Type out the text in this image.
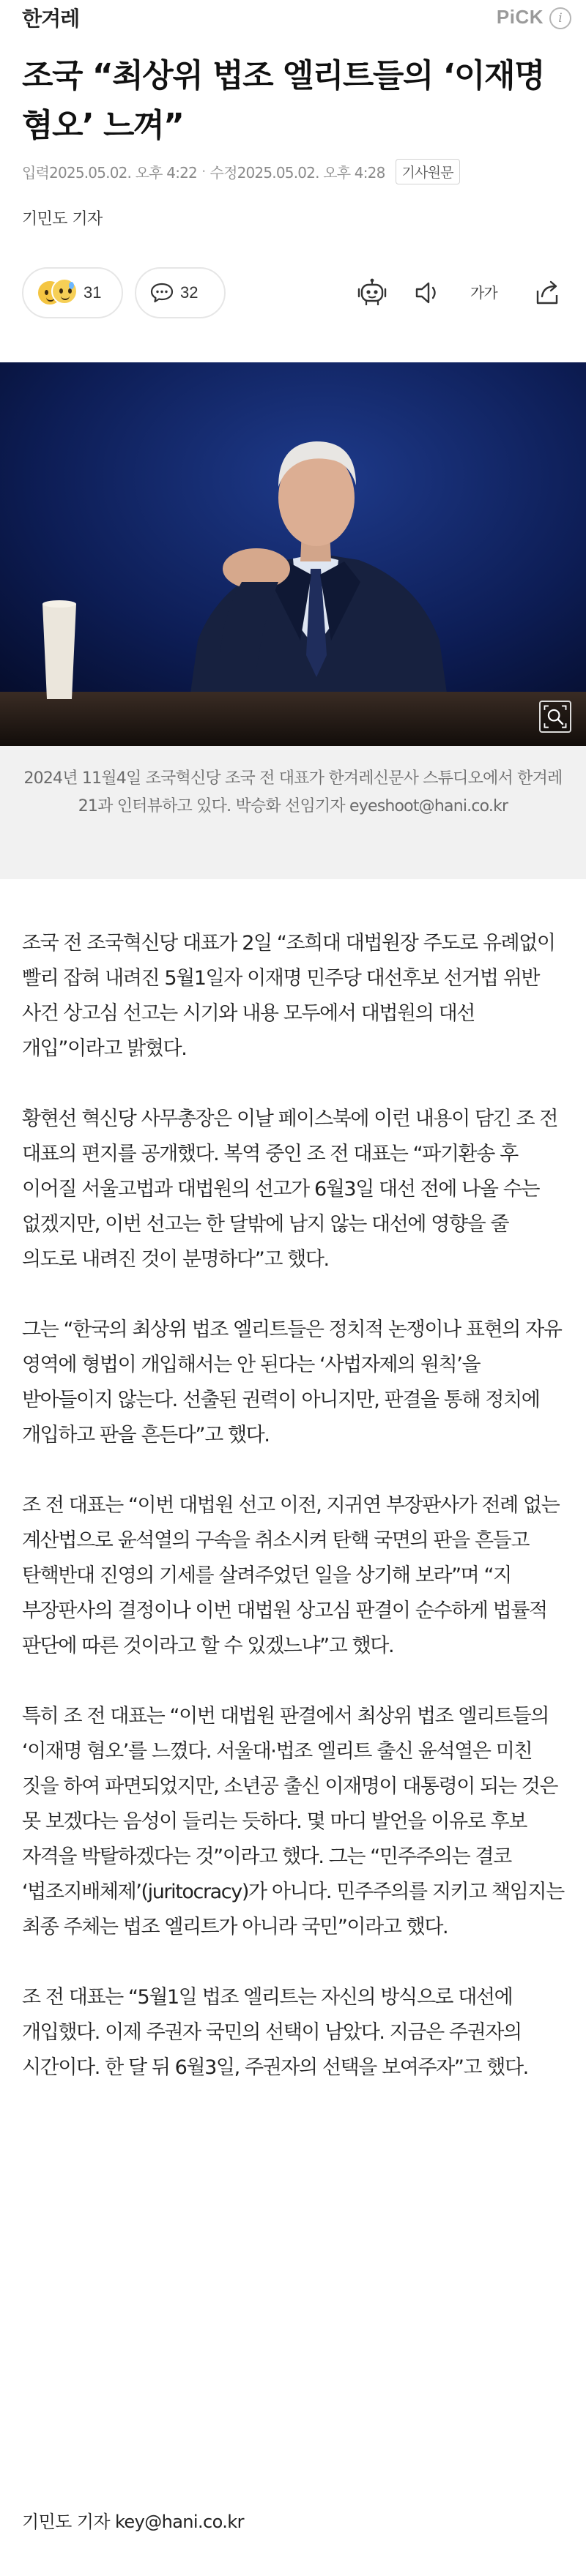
한겨레	PiCK	i
조국 “최상위 법조 엘리트들의 ‘이재명 혐오’ 느껴”
입력2025.05.02. 오후 4:22 · 수정2025.05.02. 오후 4:28	기사원문
기민도 기자
31	32	가가
2024년 11월4일 조국혁신당 조국 전 대표가 한겨레신문사 스튜디오에서 한겨레21과 인터뷰하고 있다. 박승화 선임기자 eyeshoot@hani.co.kr

조국 전 조국혁신당 대표가 2일 “조희대 대법원장 주도로 유례없이 빨리 잡혀 내려진 5월1일자 이재명 민주당 대선후보 선거법 위반 사건 상고심 선고는 시기와 내용 모두에서 대법원의 대선 개입”이라고 밝혔다.

황현선 혁신당 사무총장은 이날 페이스북에 이런 내용이 담긴 조 전 대표의 편지를 공개했다. 복역 중인 조 전 대표는 “파기환송 후 이어질 서울고법과 대법원의 선고가 6월3일 대선 전에 나올 수는 없겠지만, 이번 선고는 한 달밖에 남지 않는 대선에 영향을 줄 의도로 내려진 것이 분명하다”고 했다.

그는 “한국의 최상위 법조 엘리트들은 정치적 논쟁이나 표현의 자유 영역에 형법이 개입해서는 안 된다는 ‘사법자제의 원칙’을 받아들이지 않는다. 선출된 권력이 아니지만, 판결을 통해 정치에 개입하고 판을 흔든다”고 했다.

조 전 대표는 “이번 대법원 선고 이전, 지귀연 부장판사가 전례 없는 계산법으로 윤석열의 구속을 취소시켜 탄핵 국면의 판을 흔들고 탄핵반대 진영의 기세를 살려주었던 일을 상기해 보라”며 “지 부장판사의 결정이나 이번 대법원 상고심 판결이 순수하게 법률적 판단에 따른 것이라고 할 수 있겠느냐”고 했다.

특히 조 전 대표는 “이번 대법원 판결에서 최상위 법조 엘리트들의 ‘이재명 혐오’를 느꼈다. 서울대·법조 엘리트 출신 윤석열은 미친 짓을 하여 파면되었지만, 소년공 출신 이재명이 대통령이 되는 것은 못 보겠다는 음성이 들리는 듯하다. 몇 마디 발언을 이유로 후보 자격을 박탈하겠다는 것”이라고 했다. 그는 “민주주의는 결코 ‘법조지배체제’(juritocracy)가 아니다. 민주주의를 지키고 책임지는 최종 주체는 법조 엘리트가 아니라 국민”이라고 했다.

조 전 대표는 “5월1일 법조 엘리트는 자신의 방식으로 대선에 개입했다. 이제 주권자 국민의 선택이 남았다. 지금은 주권자의 시간이다. 한 달 뒤 6월3일, 주권자의 선택을 보여주자”고 했다.

기민도 기자 key@hani.co.kr
